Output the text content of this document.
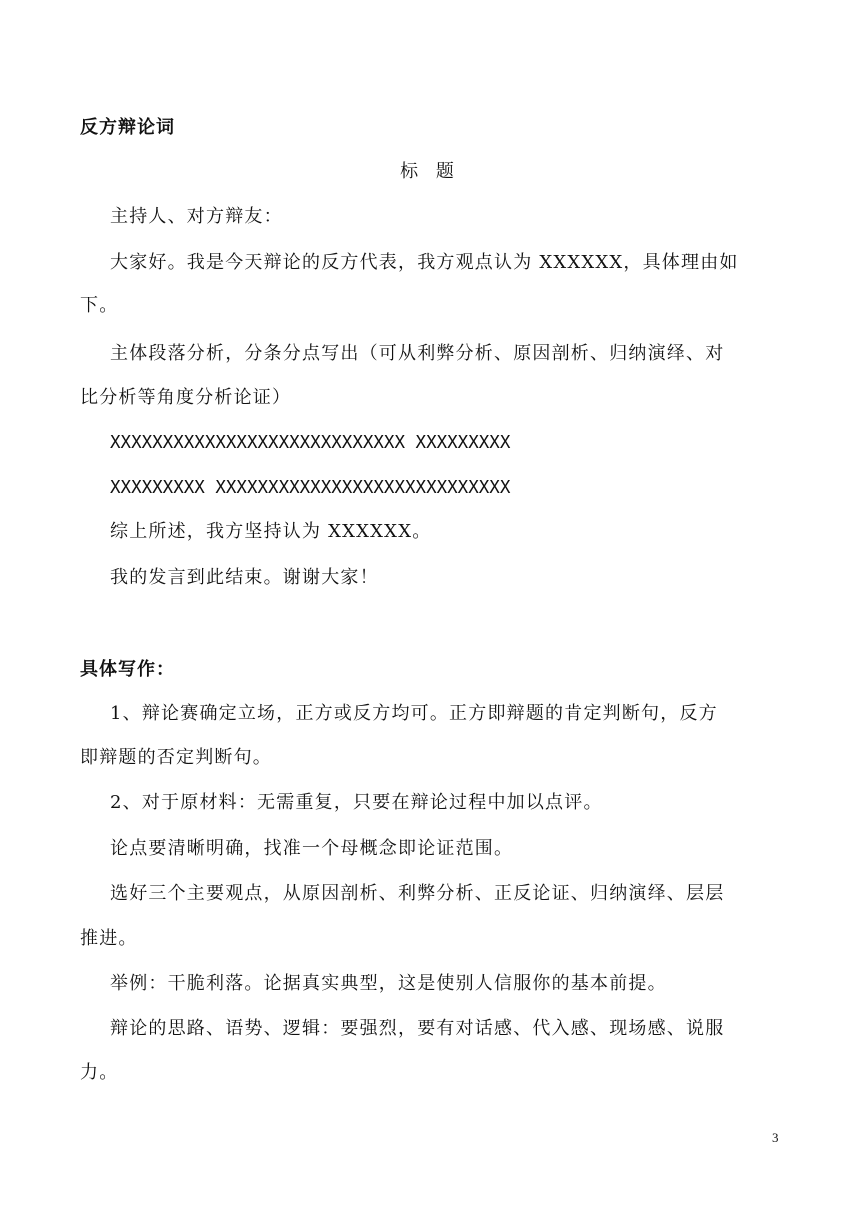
反方辩论词
标 题
主持人、对方辩友：
大家好。我是今天辩论的反方代表，我方观点认为 XXXXXX，具体理由如
下。
主体段落分析，分条分点写出（可从利弊分析、原因剖析、归纳演绎、对
比分析等角度分析论证）
XXXXXXXXXXXXXXXXXXXXXXXXXXXX XXXXXXXXX
XXXXXXXXX XXXXXXXXXXXXXXXXXXXXXXXXXXXX
综上所述，我方坚持认为 XXXXXX。
我的发言到此结束。谢谢大家！
具体写作：
1、辩论赛确定立场，正方或反方均可。正方即辩题的肯定判断句，反方
即辩题的否定判断句。
2、对于原材料：无需重复，只要在辩论过程中加以点评。
论点要清晰明确，找准一个母概念即论证范围。
选好三个主要观点，从原因剖析、利弊分析、正反论证、归纳演绎、层层
推进。
举例：干脆利落。论据真实典型，这是使别人信服你的基本前提。
辩论的思路、语势、逻辑：要强烈，要有对话感、代入感、现场感、说服
力。
3
